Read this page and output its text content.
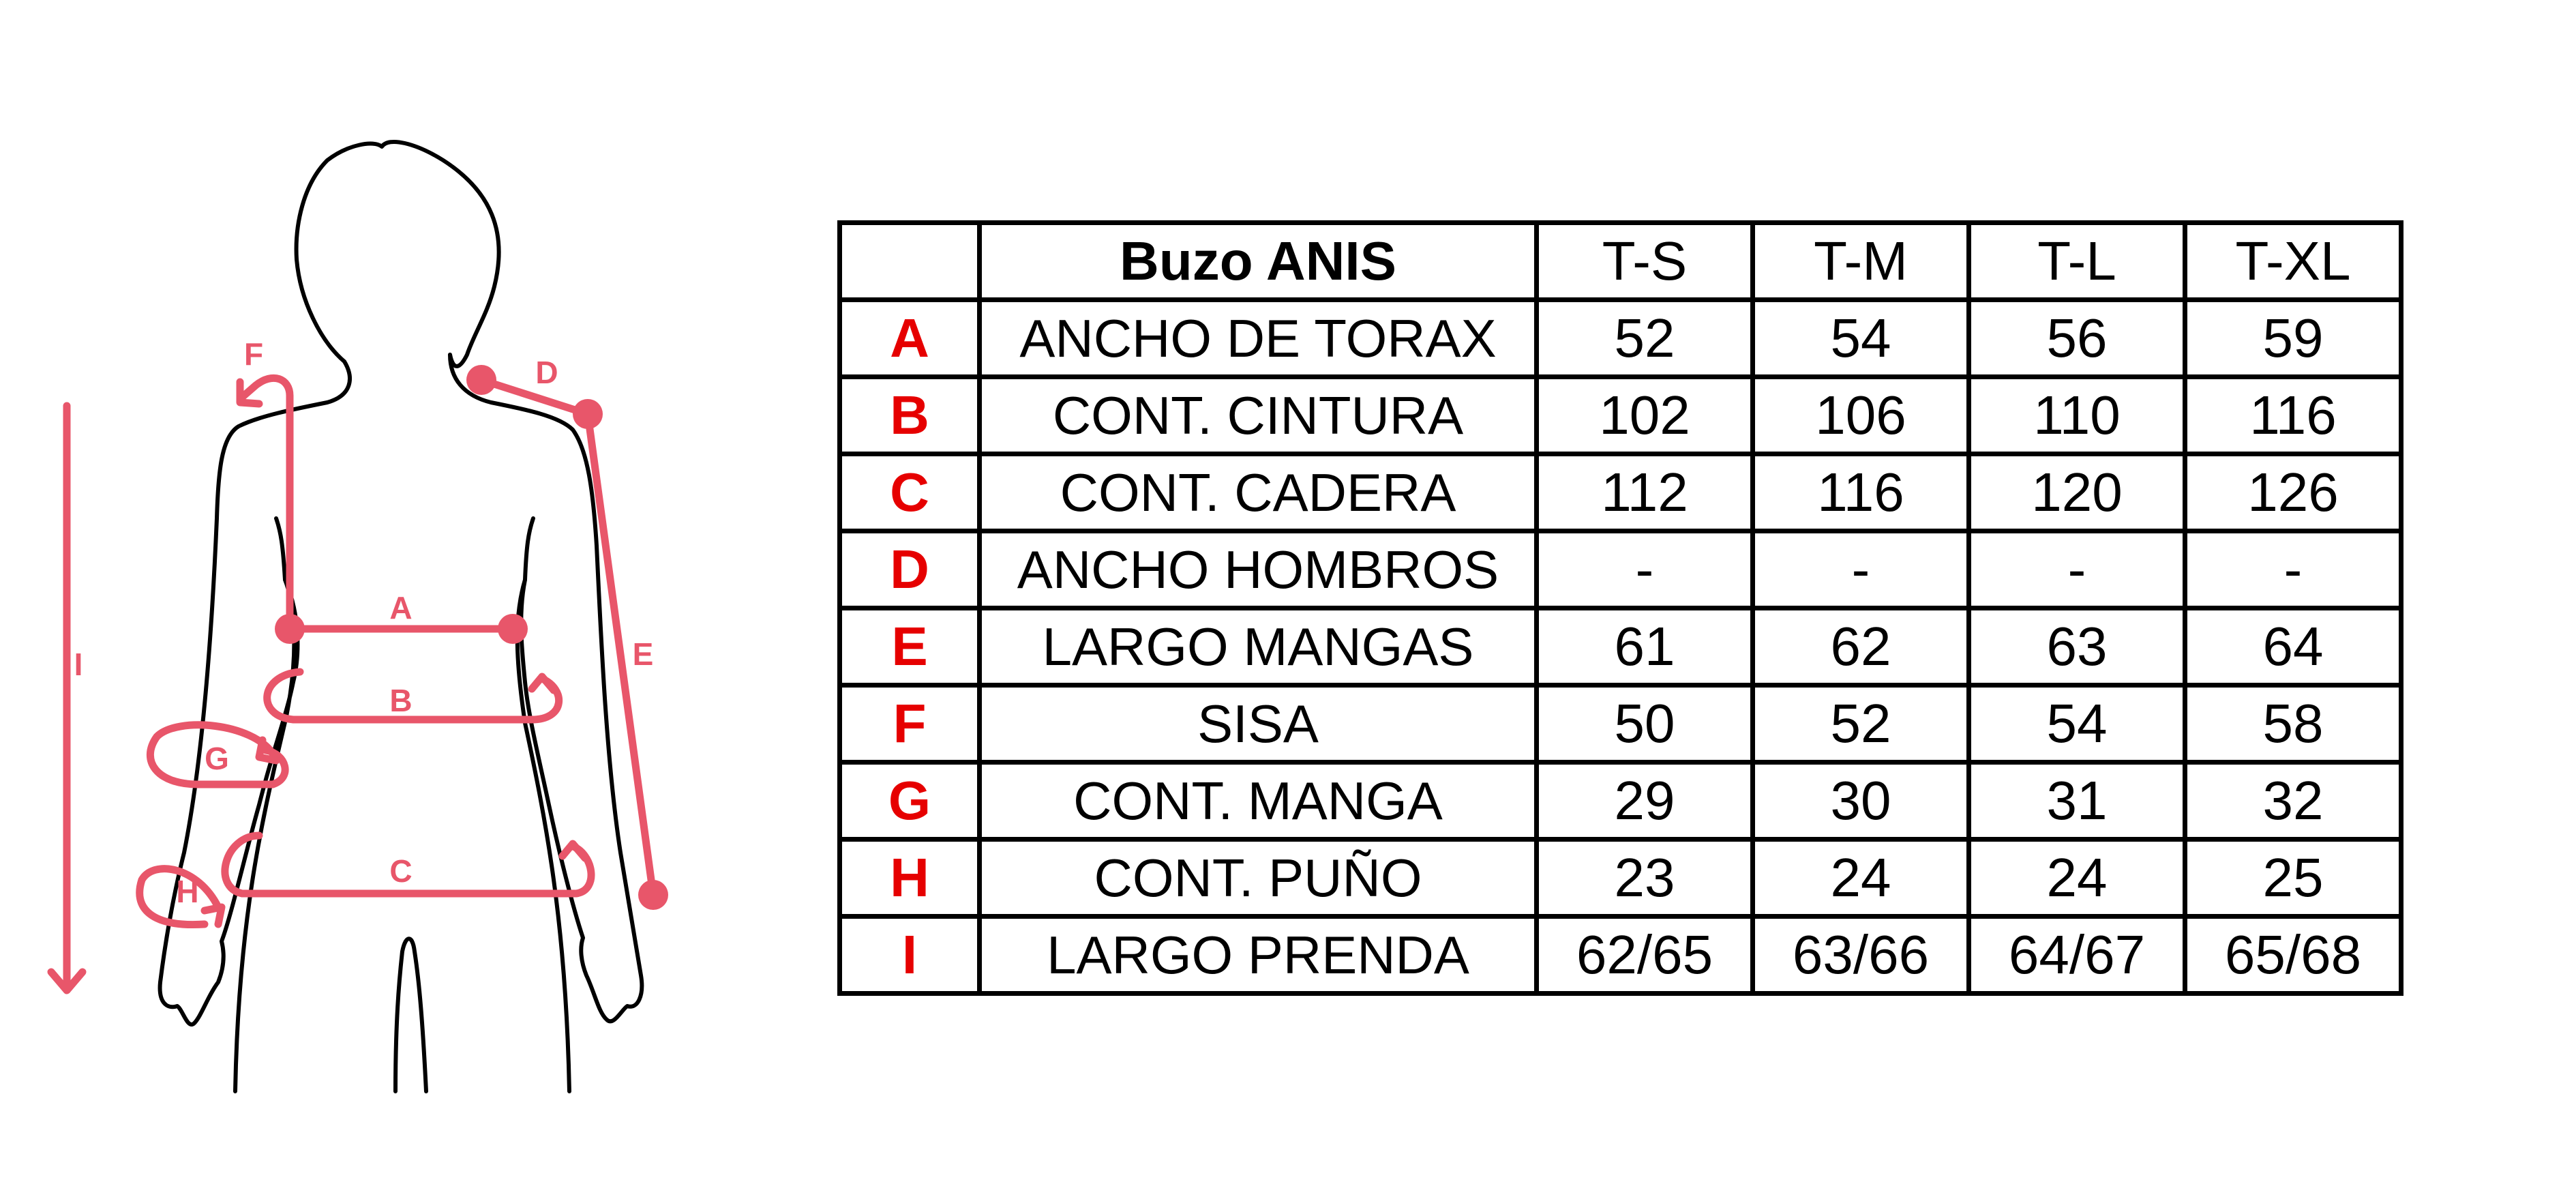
F
D
A
E
I
B
G
C
H
	Buzo ANIS	T-S	T-M	T-L	T-XL
A	ANCHO DE TORAX	52	54	56	59
B	CONT. CINTURA	102	106	110	116
C	CONT. CADERA	112	116	120	126
D	ANCHO HOMBROS	-	-	-	-
E	LARGO MANGAS	61	62	63	64
F	SISA	50	52	54	58
G	CONT. MANGA	29	30	31	32
H	CONT. PUÑO	23	24	24	25
I	LARGO PRENDA	62/65	63/66	64/67	65/68
